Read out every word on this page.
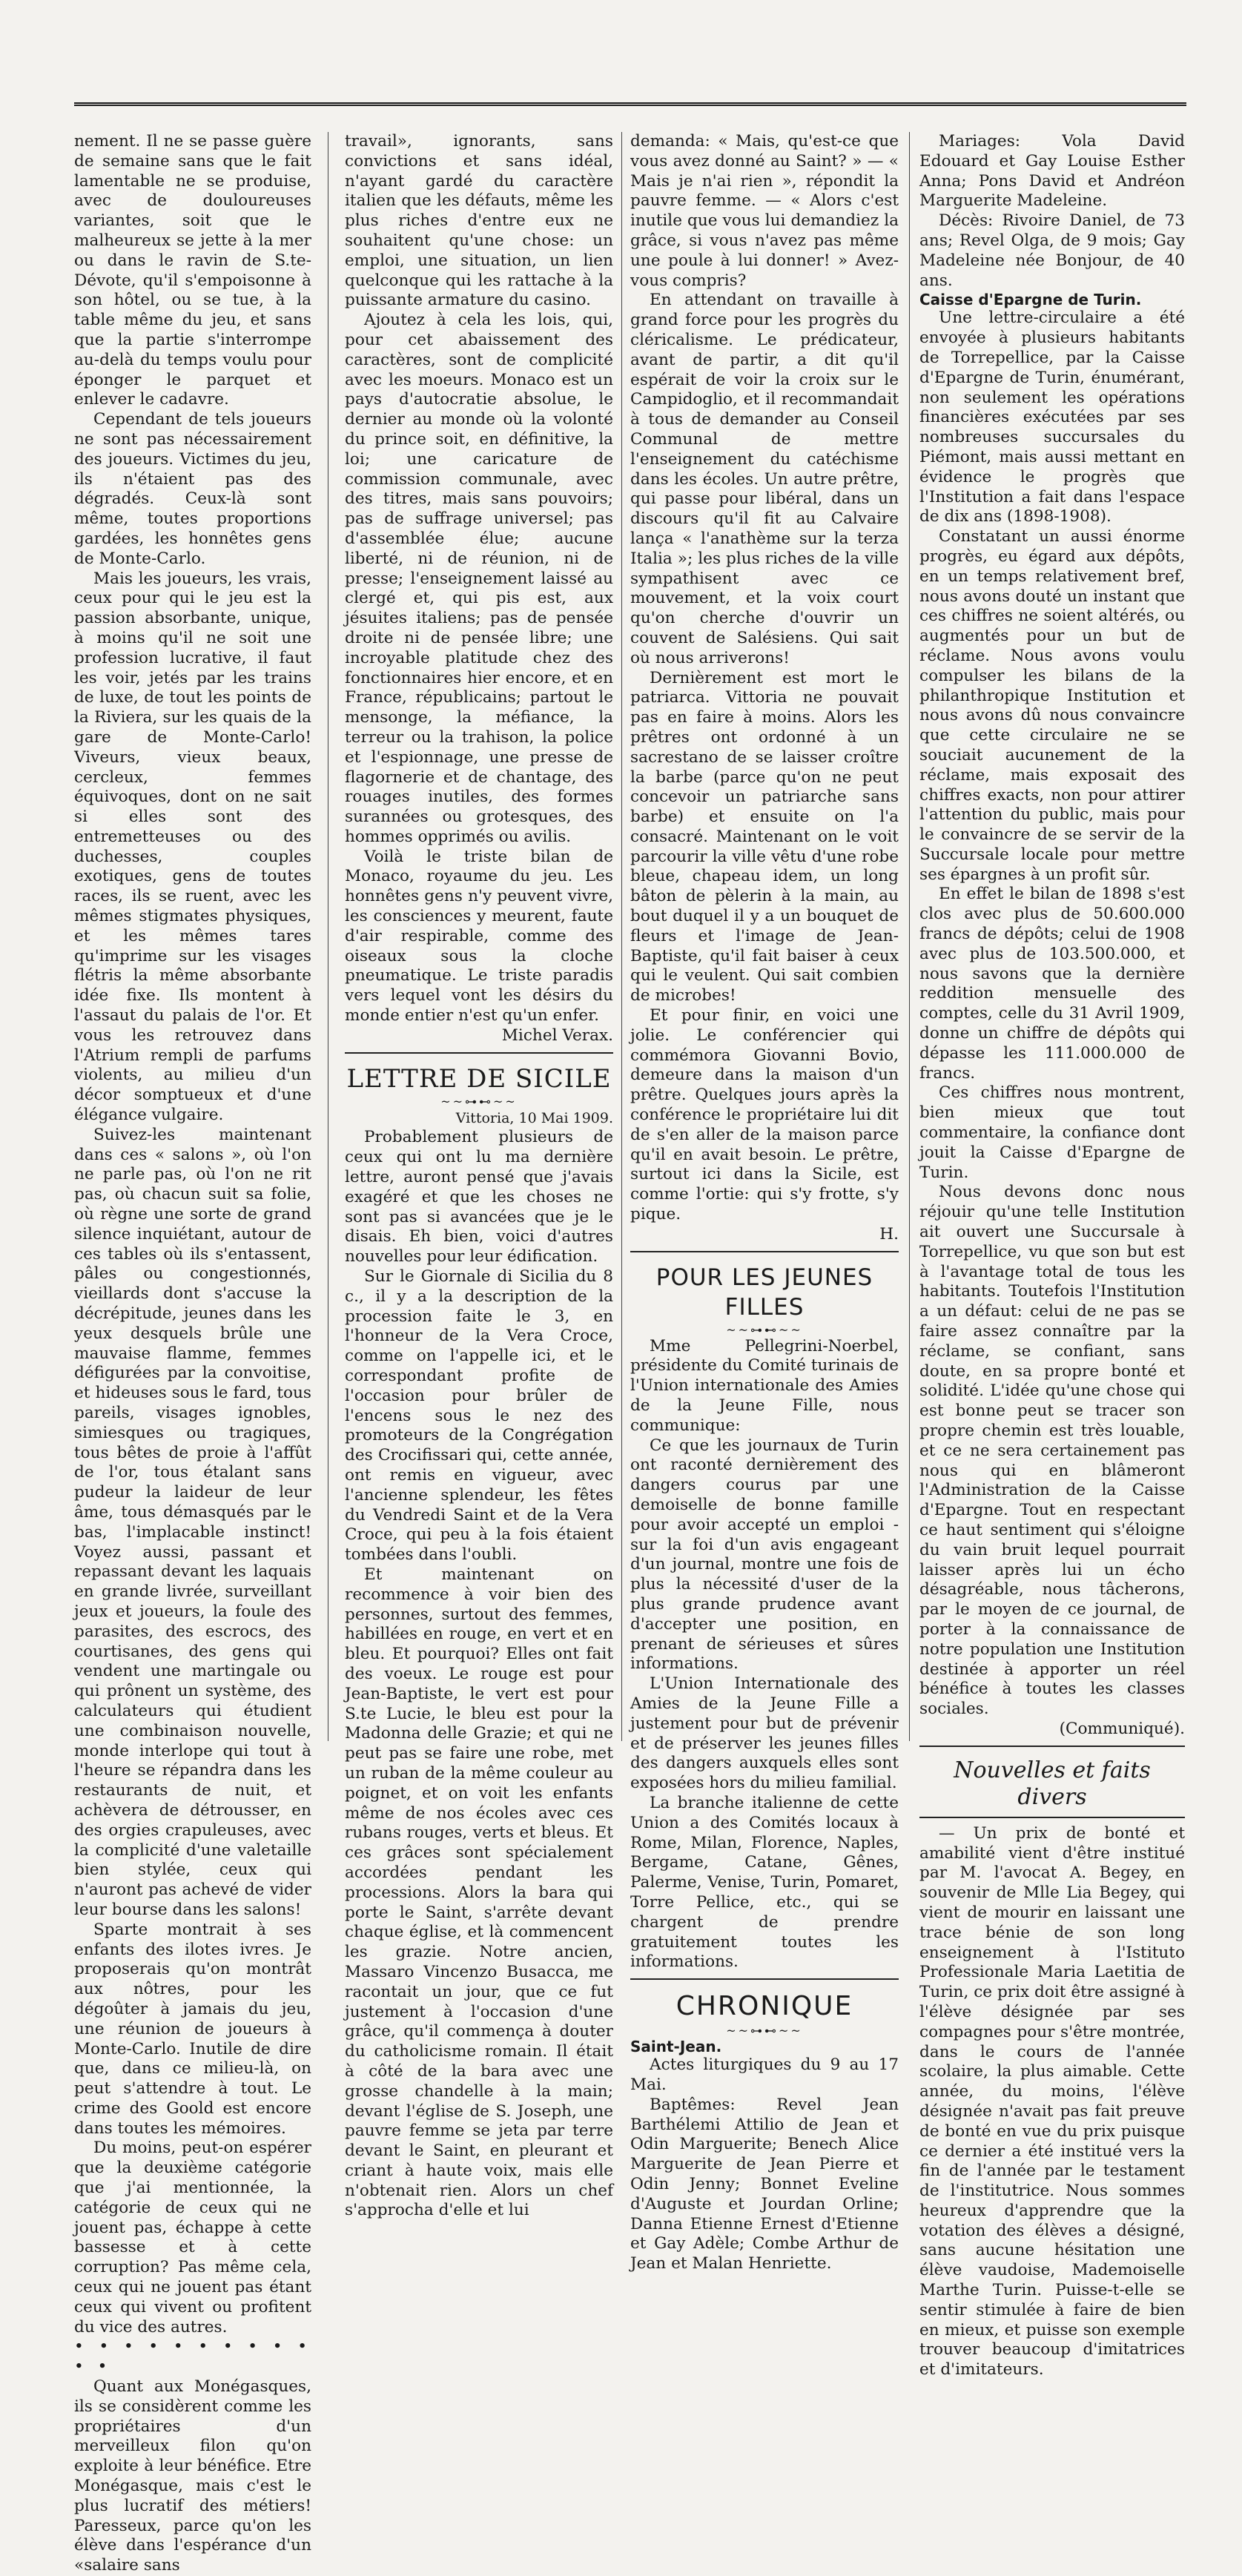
nement. Il ne se passe guère de semaine sans que le fait lamentable ne se produise, avec de douloureuses variantes, soit que le malheureux se jette à la mer ou dans le ravin de S.te-Dévote, qu'il s'empoisonne à son hôtel, ou se tue, à la table même du jeu, et sans que la partie s'interrompe au-delà du temps voulu pour éponger le parquet et enlever le cadavre.

Cependant de tels joueurs ne sont pas nécessairement des joueurs. Victimes du jeu, ils n'étaient pas des dégradés. Ceux-là sont même, toutes proportions gardées, les honnêtes gens de Monte-Carlo.

Mais les joueurs, les vrais, ceux pour qui le jeu est la passion absorbante, unique, à moins qu'il ne soit une profession lucrative, il faut les voir, jetés par les trains de luxe, de tout les points de la Riviera, sur les quais de la gare de Monte-Carlo! Viveurs, vieux beaux, cercleux, femmes équivoques, dont on ne sait si elles sont des entremetteuses ou des duchesses, couples exotiques, gens de toutes races, ils se ruent, avec les mêmes stigmates physiques, et les mêmes tares qu'imprime sur les visages flétris la même absorbante idée fixe. Ils montent à l'assaut du palais de l'or. Et vous les retrouvez dans l'Atrium rempli de parfums violents, au milieu d'un décor somptueux et d'une élégance vulgaire.

Suivez-les maintenant dans ces « salons », où l'on ne parle pas, où l'on ne rit pas, où chacun suit sa folie, où règne une sorte de grand silence inquiétant, autour de ces tables où ils s'entassent, pâles ou congestionnés, vieillards dont s'accuse la décrépitude, jeunes dans les yeux desquels brûle une mauvaise flamme, femmes défigurées par la convoitise, et hideuses sous le fard, tous pareils, visages ignobles, simiesques ou tragiques, tous bêtes de proie à l'affût de l'or, tous étalant sans pudeur la laideur de leur âme, tous démasqués par le bas, l'implacable instinct! Voyez aussi, passant et repassant devant les laquais en grande livrée, surveillant jeux et joueurs, la foule des parasites, des escrocs, des courtisanes, des gens qui vendent une martingale ou qui prônent un système, des calculateurs qui étudient une combinaison nouvelle, monde interlope qui tout à l'heure se répandra dans les restaurants de nuit, et achèvera de détrousser, en des orgies crapuleuses, avec la complicité d'une valetaille bien stylée, ceux qui n'auront pas achevé de vider leur bourse dans les salons!

Sparte montrait à ses enfants des ilotes ivres. Je proposerais qu'on montrât aux nôtres, pour les dégoûter à jamais du jeu, une réunion de joueurs à Monte-Carlo. Inutile de dire que, dans ce milieu-là, on peut s'attendre à tout. Le crime des Goold est encore dans toutes les mémoires.

Du moins, peut-on espérer que la deuxième catégorie que j'ai mentionnée, la catégorie de ceux qui ne jouent pas, échappe à cette bassesse et à cette corruption? Pas même cela, ceux qui ne jouent pas étant ceux qui vivent ou profitent du vice des autres.

• • • • • • • • • • • •

Quant aux Monégasques, ils se considèrent comme les propriétaires d'un merveilleux filon qu'on exploite à leur bénéfice. Etre Monégasque, mais c'est le plus lucratif des métiers! Paresseux, parce qu'on les élève dans l'espérance d'un «salaire sans

travail», ignorants, sans convictions et sans idéal, n'ayant gardé du caractère italien que les défauts, même les plus riches d'entre eux ne souhaitent qu'une chose: un emploi, une situation, un lien quelconque qui les rattache à la puissante armature du casino.

Ajoutez à cela les lois, qui, pour cet abaissement des caractères, sont de complicité avec les moeurs. Monaco est un pays d'autocratie absolue, le dernier au monde où la volonté du prince soit, en définitive, la loi; une caricature de commission communale, avec des titres, mais sans pouvoirs; pas de suffrage universel; pas d'assemblée élue; aucune liberté, ni de réunion, ni de presse; l'enseignement laissé au clergé et, qui pis est, aux jésuites italiens; pas de pensée droite ni de pensée libre; une incroyable platitude chez des fonctionnaires hier encore, et en France, républicains; partout le mensonge, la méfiance, la terreur ou la trahison, la police et l'espionnage, une presse de flagornerie et de chantage, des rouages inutiles, des formes surannées ou grotesques, des hommes opprimés ou avilis.

Voilà le triste bilan de Monaco, royaume du jeu. Les honnêtes gens n'y peuvent vivre, les consciences y meurent, faute d'air respirable, comme des oiseaux sous la cloche pneumatique. Le triste paradis vers lequel vont les désirs du monde entier n'est qu'un enfer.

Michel Verax.

LETTRE DE SICILE
~~⊶⊷~~

Vittoria, 10 Mai 1909.

Probablement plusieurs de ceux qui ont lu ma dernière lettre, auront pensé que j'avais exagéré et que les choses ne sont pas si avancées que je le disais. Eh bien, voici d'autres nouvelles pour leur édification.

Sur le Giornale di Sicilia du 8 c., il y a la description de la procession faite le 3, en l'honneur de la Vera Croce, comme on l'appelle ici, et le correspondant profite de l'occasion pour brûler de l'encens sous le nez des promoteurs de la Congrégation des Crocifissari qui, cette année, ont remis en vigueur, avec l'ancienne splendeur, les fêtes du Vendredi Saint et de la Vera Croce, qui peu à la fois étaient tombées dans l'oubli.

Et maintenant on recommence à voir bien des personnes, surtout des femmes, habillées en rouge, en vert et en bleu. Et pourquoi? Elles ont fait des voeux. Le rouge est pour Jean-Baptiste, le vert est pour S.te Lucie, le bleu est pour la Madonna delle Grazie; et qui ne peut pas se faire une robe, met un ruban de la même couleur au poignet, et on voit les enfants même de nos écoles avec ces rubans rouges, verts et bleus. Et ces grâces sont spécialement accordées pendant les processions. Alors la bara qui porte le Saint, s'arrête devant chaque église, et là commencent les grazie. Notre ancien, Massaro Vincenzo Busacca, me racontait un jour, que ce fut justement à l'occasion d'une grâce, qu'il commença à douter du catholicisme romain. Il était à côté de la bara avec une grosse chandelle à la main; devant l'église de S. Joseph, une pauvre femme se jeta par terre devant le Saint, en pleurant et criant à haute voix, mais elle n'obtenait rien. Alors un chef s'approcha d'elle et lui

demanda: « Mais, qu'est-ce que vous avez donné au Saint? » — « Mais je n'ai rien », répondit la pauvre femme. — « Alors c'est inutile que vous lui demandiez la grâce, si vous n'avez pas même une poule à lui donner! » Avez-vous compris?

En attendant on travaille à grand force pour les progrès du cléricalisme. Le prédicateur, avant de partir, a dit qu'il espérait de voir la croix sur le Campidoglio, et il recommandait à tous de demander au Conseil Communal de mettre l'enseignement du catéchisme dans les écoles. Un autre prêtre, qui passe pour libéral, dans un discours qu'il fit au Calvaire lança « l'anathème sur la terza Italia »; les plus riches de la ville sympathisent avec ce mouvement, et la voix court qu'on cherche d'ouvrir un couvent de Salésiens. Qui sait où nous arriverons!

Dernièrement est mort le patriarca. Vittoria ne pouvait pas en faire à moins. Alors les prêtres ont ordonné à un sacrestano de se laisser croître la barbe (parce qu'on ne peut concevoir un patriarche sans barbe) et ensuite on l'a consacré. Maintenant on le voit parcourir la ville vêtu d'une robe bleue, chapeau idem, un long bâton de pèlerin à la main, au bout duquel il y a un bouquet de fleurs et l'image de Jean-Baptiste, qu'il fait baiser à ceux qui le veulent. Qui sait combien de microbes!

Et pour finir, en voici une jolie. Le conférencier qui commémora Giovanni Bovio, demeure dans la maison d'un prêtre. Quelques jours après la conférence le propriétaire lui dit de s'en aller de la maison parce qu'il en avait besoin. Le prêtre, surtout ici dans la Sicile, est comme l'ortie: qui s'y frotte, s'y pique.

H.

POUR LES JEUNES FILLES
~~⊶⊷~~

Mme Pellegrini-Noerbel, présidente du Comité turinais de l'Union internationale des Amies de la Jeune Fille, nous communique:

Ce que les journaux de Turin ont raconté dernièrement des dangers courus par une demoiselle de bonne famille pour avoir accepté un emploi - sur la foi d'un avis engageant d'un journal, montre une fois de plus la nécessité d'user de la plus grande prudence avant d'accepter une position, en prenant de sérieuses et sûres informations.

L'Union Internationale des Amies de la Jeune Fille a justement pour but de prévenir et de préserver les jeunes filles des dangers auxquels elles sont exposées hors du milieu familial.

La branche italienne de cette Union a des Comités locaux à Rome, Milan, Florence, Naples, Bergame, Catane, Gênes, Palerme, Venise, Turin, Pomaret, Torre Pellice, etc., qui se chargent de prendre gratuitement toutes les informations.

CHRONIQUE
~~⊶⊷~~

Saint-Jean.

Actes liturgiques du 9 au 17 Mai.

Baptêmes: Revel Jean Barthélemi Attilio de Jean et Odin Marguerite; Benech Alice Marguerite de Jean Pierre et Odin Jenny; Bonnet Eveline d'Auguste et Jourdan Orline; Danna Etienne Ernest d'Etienne et Gay Adèle; Combe Arthur de Jean et Malan Henriette.

Mariages: Vola David Edouard et Gay Louise Esther Anna; Pons David et Andréon Marguerite Madeleine.

Décès: Rivoire Daniel, de 73 ans; Revel Olga, de 9 mois; Gay Madeleine née Bonjour, de 40 ans.

Caisse d'Epargne de Turin.

Une lettre-circulaire a été envoyée à plusieurs habitants de Torrepellice, par la Caisse d'Epargne de Turin, énumérant, non seulement les opérations financières exécutées par ses nombreuses succursales du Piémont, mais aussi mettant en évidence le progrès que l'Institution a fait dans l'espace de dix ans (1898-1908).

Constatant un aussi énorme progrès, eu égard aux dépôts, en un temps relativement bref, nous avons douté un instant que ces chiffres ne soient altérés, ou augmentés pour un but de réclame. Nous avons voulu compulser les bilans de la philanthropique Institution et nous avons dû nous convaincre que cette circulaire ne se souciait aucunement de la réclame, mais exposait des chiffres exacts, non pour attirer l'attention du public, mais pour le convaincre de se servir de la Succursale locale pour mettre ses épargnes à un profit sûr.

En effet le bilan de 1898 s'est clos avec plus de 50.600.000 francs de dépôts; celui de 1908 avec plus de 103.500.000, et nous savons que la dernière reddition mensuelle des comptes, celle du 31 Avril 1909, donne un chiffre de dépôts qui dépasse les 111.000.000 de francs.

Ces chiffres nous montrent, bien mieux que tout commentaire, la confiance dont jouit la Caisse d'Epargne de Turin.

Nous devons donc nous réjouir qu'une telle Institution ait ouvert une Succursale à Torrepellice, vu que son but est à l'avantage total de tous les habitants. Toutefois l'Institution a un défaut: celui de ne pas se faire assez connaître par la réclame, se confiant, sans doute, en sa propre bonté et solidité. L'idée qu'une chose qui est bonne peut se tracer son propre chemin est très louable, et ce ne sera certainement pas nous qui en blâmeront l'Administration de la Caisse d'Epargne. Tout en respectant ce haut sentiment qui s'éloigne du vain bruit lequel pourrait laisser après lui un écho désagréable, nous tâcherons, par le moyen de ce journal, de porter à la connaissance de notre population une Institution destinée à apporter un réel bénéfice à toutes les classes sociales.

(Communiqué).

Nouvelles et faits divers

— Un prix de bonté et amabilité vient d'être institué par M. l'avocat A. Begey, en souvenir de Mlle Lia Begey, qui vient de mourir en laissant une trace bénie de son long enseignement à l'Istituto Professionale Maria Laetitia de Turin, ce prix doit être assigné à l'élève désignée par ses compagnes pour s'être montrée, dans le cours de l'année scolaire, la plus aimable. Cette année, du moins, l'élève désignée n'avait pas fait preuve de bonté en vue du prix puisque ce dernier a été institué vers la fin de l'année par le testament de l'institutrice. Nous sommes heureux d'apprendre que la votation des élèves a désigné, sans aucune hésitation une élève vaudoise, Mademoiselle Marthe Turin. Puisse-t-elle se sentir stimulée à faire de bien en mieux, et puisse son exemple trouver beaucoup d'imitatrices et d'imitateurs.
